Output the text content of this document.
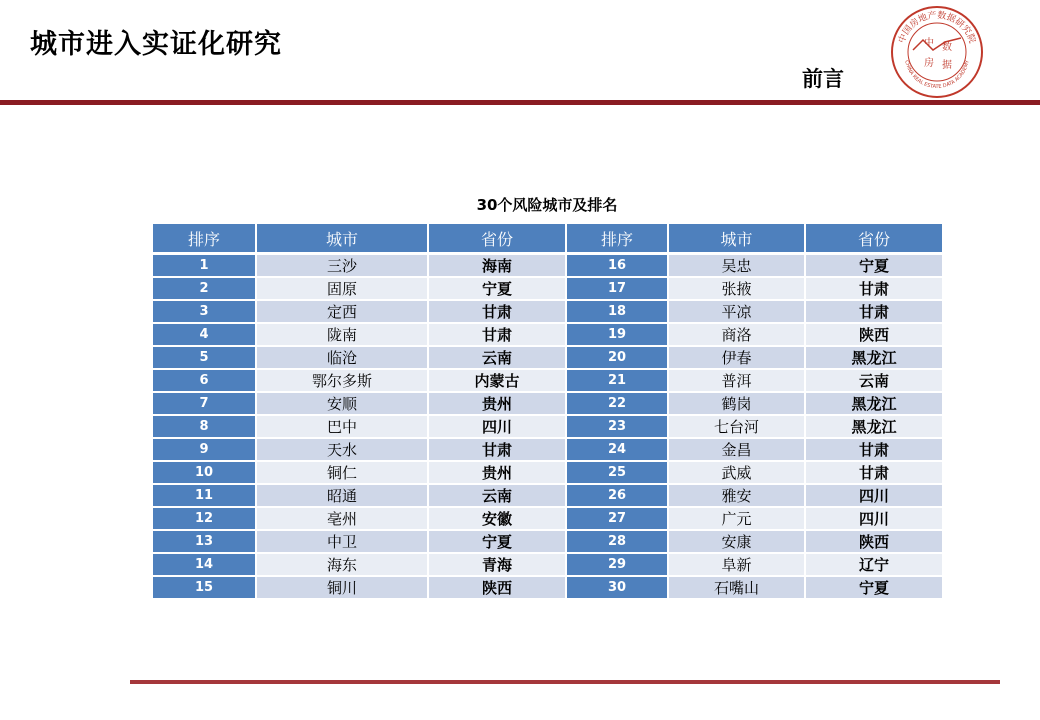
城市进入实证化研究
前言
中国房地产数据研究院
CHINA REAL ESTATE DATA ACADEMY
中 数
房 据
30个风险城市及排名
排序	城市	省份	排序	城市	省份
1	三沙	海南	16	吴忠	宁夏
2	固原	宁夏	17	张掖	甘肃
3	定西	甘肃	18	平凉	甘肃
4	陇南	甘肃	19	商洛	陕西
5	临沧	云南	20	伊春	黑龙江
6	鄂尔多斯	内蒙古	21	普洱	云南
7	安顺	贵州	22	鹤岗	黑龙江
8	巴中	四川	23	七台河	黑龙江
9	天水	甘肃	24	金昌	甘肃
10	铜仁	贵州	25	武威	甘肃
11	昭通	云南	26	雅安	四川
12	亳州	安徽	27	广元	四川
13	中卫	宁夏	28	安康	陕西
14	海东	青海	29	阜新	辽宁
15	铜川	陕西	30	石嘴山	宁夏
